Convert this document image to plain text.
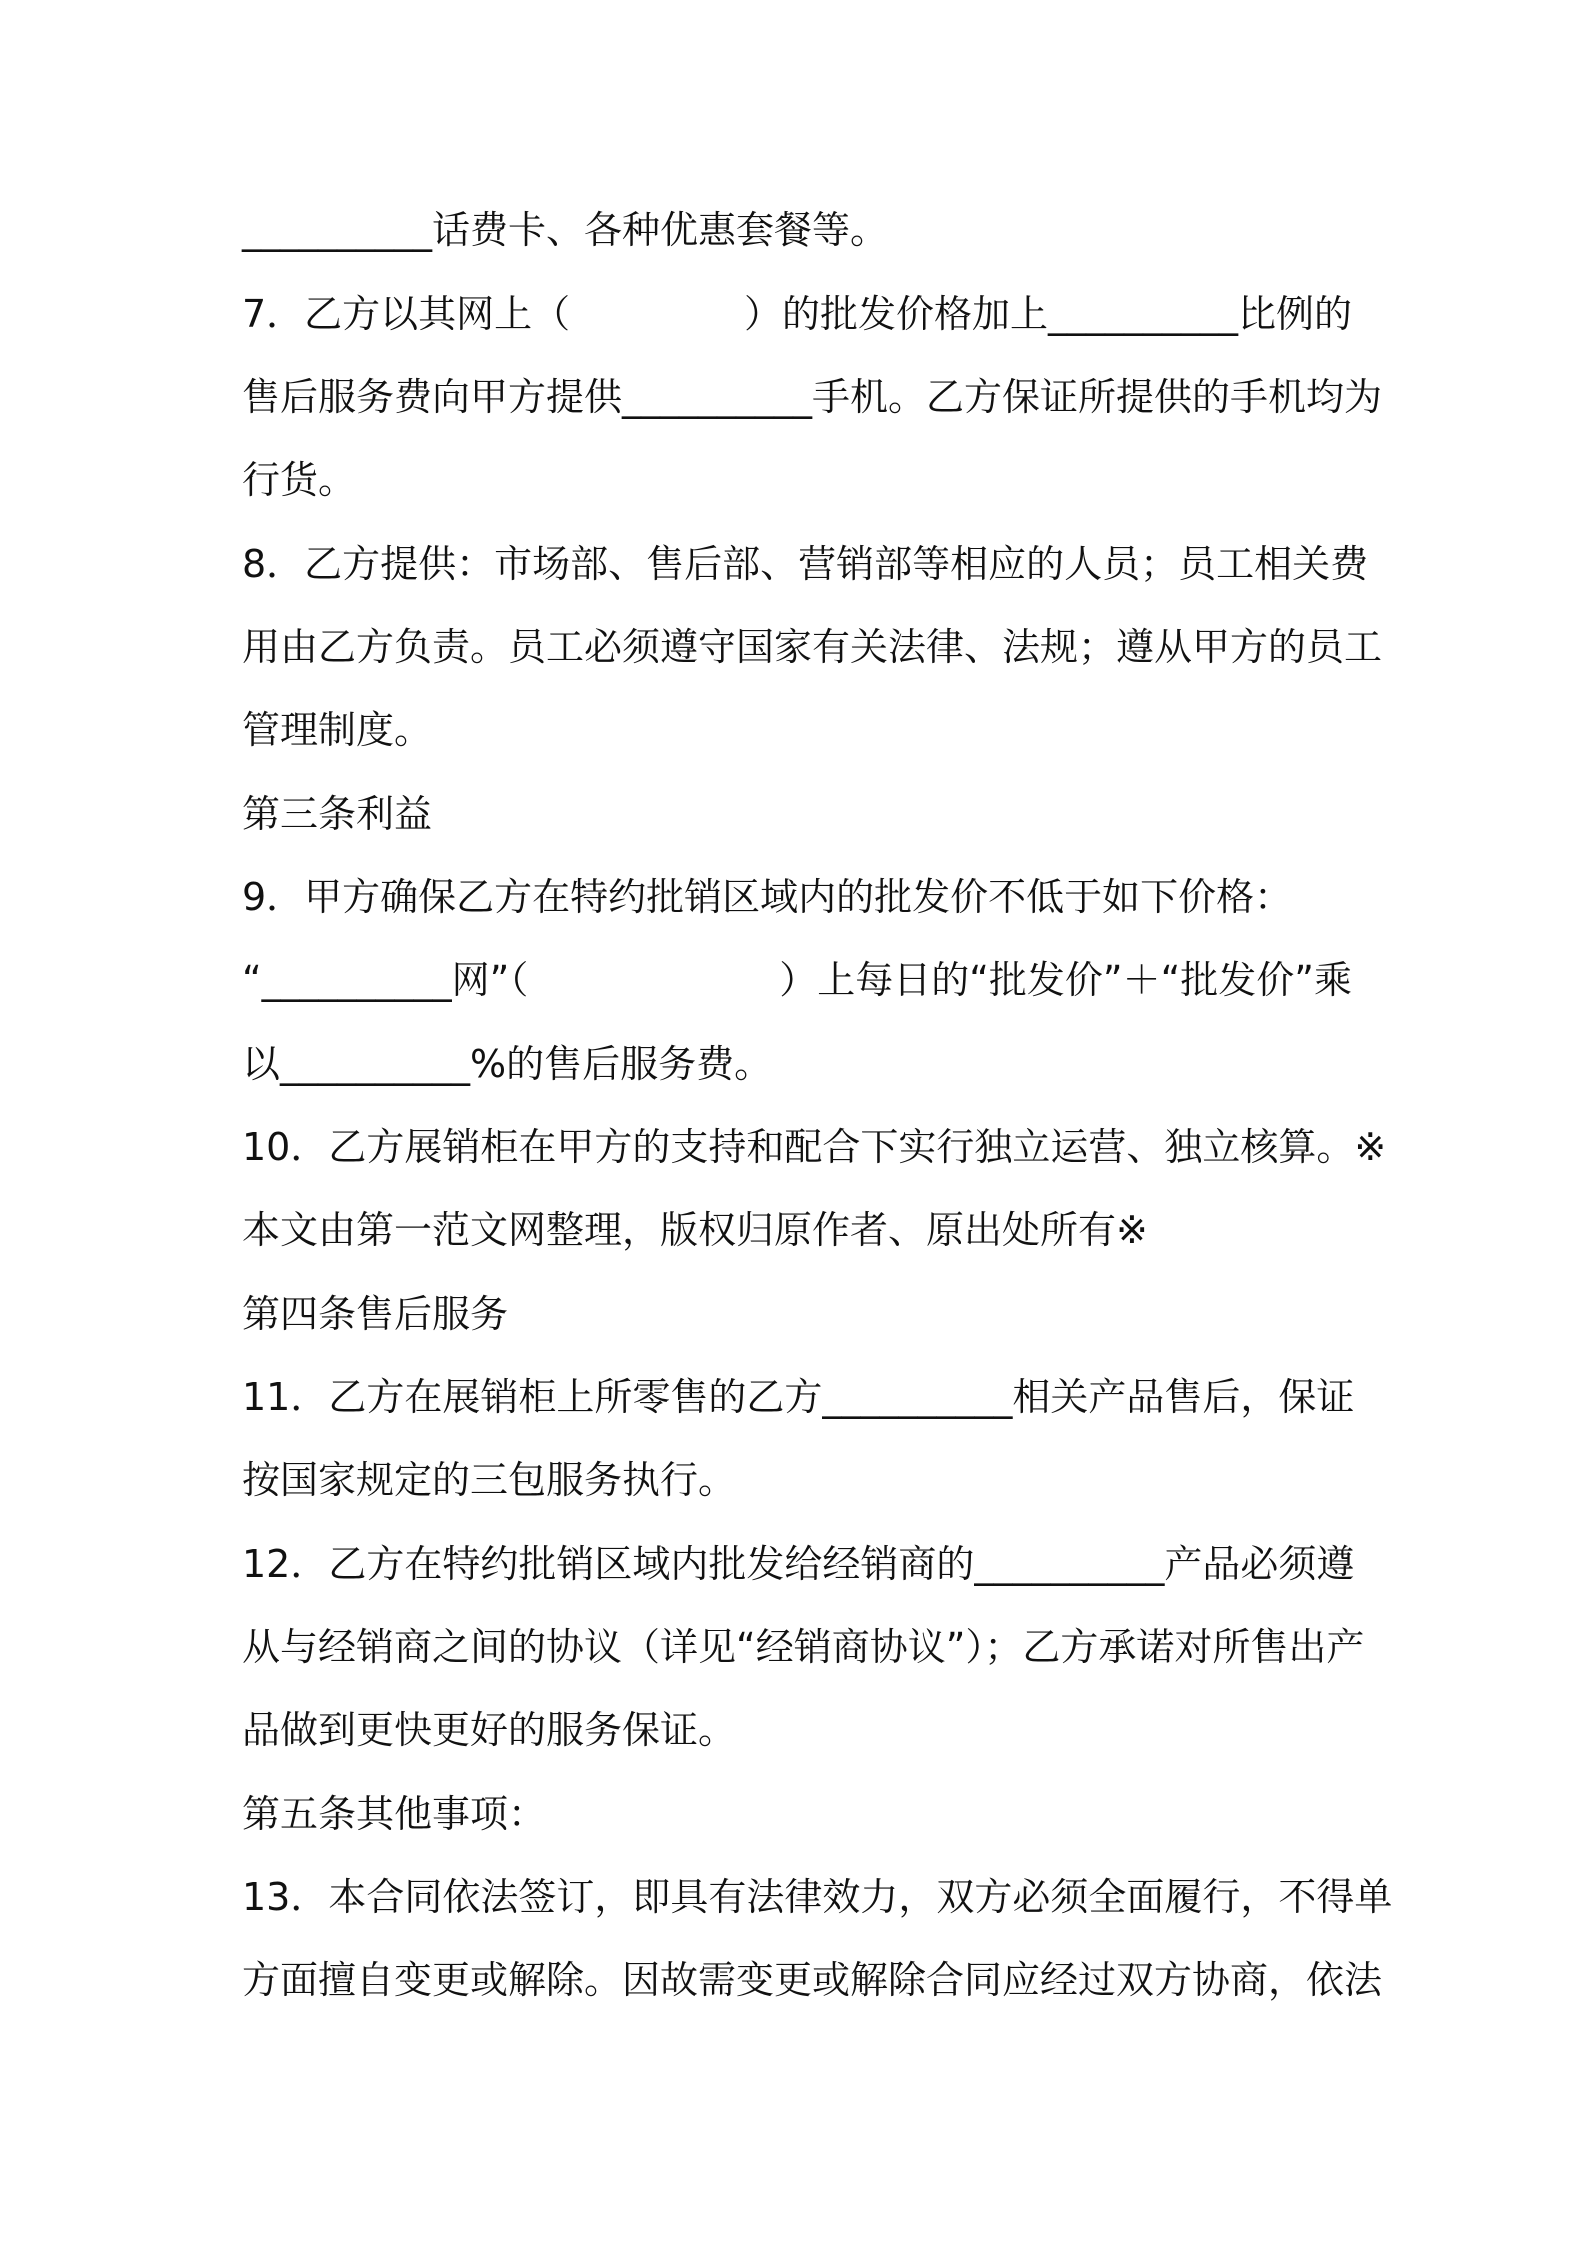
__________话费卡、各种优惠套餐等。
7．乙方以其网上（	）的批发价格加上__________比例的
售后服务费向甲方提供__________手机。乙方保证所提供的手机均为
行货。
8．乙方提供：市场部、售后部、营销部等相应的人员；员工相关费
用由乙方负责。员工必须遵守国家有关法律、法规；遵从甲方的员工
管理制度。
第三条利益
9．甲方确保乙方在特约批销区域内的批发价不低于如下价格：
“__________网”（	）上每日的“批发价”＋“批发价”乘
以__________%的售后服务费。
10．乙方展销柜在甲方的支持和配合下实行独立运营、独立核算。※
本文由第一范文网整理，版权归原作者、原出处所有※
第四条售后服务
11．乙方在展销柜上所零售的乙方__________相关产品售后，保证
按国家规定的三包服务执行。
12．乙方在特约批销区域内批发给经销商的__________产品必须遵
从与经销商之间的协议（详见“经销商协议”）；乙方承诺对所售出产
品做到更快更好的服务保证。
第五条其他事项：
13．本合同依法签订，即具有法律效力，双方必须全面履行，不得单
方面擅自变更或解除。因故需变更或解除合同应经过双方协商，依法
